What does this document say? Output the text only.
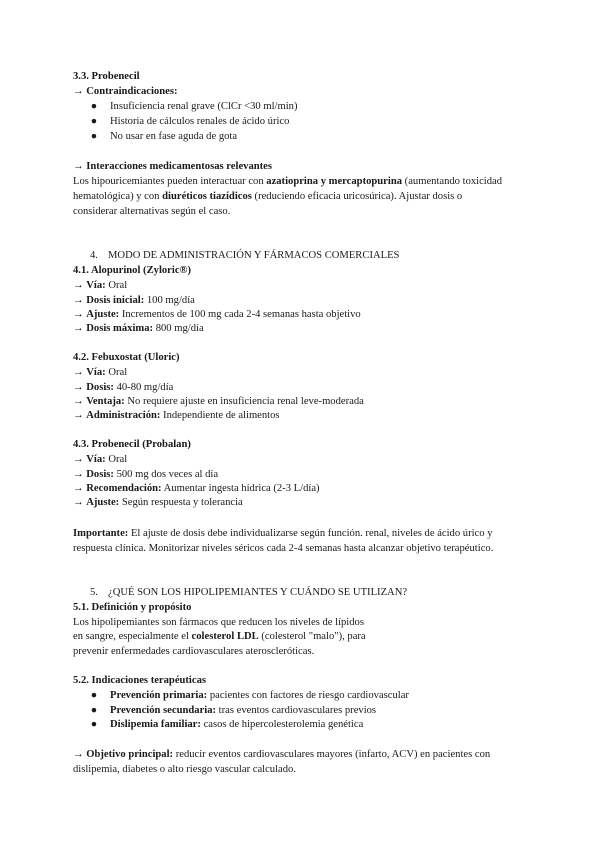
3.3. Probenecil
→ Contraindicaciones:
● Insuficiencia renal grave (ClCr <30 ml/min)
● Historia de cálculos renales de ácido úrico
● No usar en fase aguda de gota
→ Interacciones medicamentosas relevantes
Los hipouricemiantes pueden interactuar con azatioprina y mercaptopurina (aumentando toxicidad
hematológica) y con diuréticos tiazídicos (reduciendo eficacia uricosúrica). Ajustar dosis o
considerar alternativas según el caso.
4. MODO DE ADMINISTRACIÓN Y FÁRMACOS COMERCIALES
4.1. Alopurinol (Zyloric®)
→ Vía: Oral
→ Dosis inicial: 100 mg/día
→ Ajuste: Incrementos de 100 mg cada 2-4 semanas hasta objetivo
→ Dosis máxima: 800 mg/día
4.2. Febuxostat (Uloric)
→ Vía: Oral
→ Dosis: 40-80 mg/día
→ Ventaja: No requiere ajuste en insuficiencia renal leve-moderada
→ Administración: Independiente de alimentos
4.3. Probenecil (Probalan)
→ Vía: Oral
→ Dosis: 500 mg dos veces al día
→ Recomendación: Aumentar ingesta hídrica (2-3 L/día)
→ Ajuste: Según respuesta y tolerancia
Importante: El ajuste de dosis debe individualizarse según función. renal, niveles de ácido úrico y
respuesta clínica. Monitorizar niveles séricos cada 2-4 semanas hasta alcanzar objetivo terapéutico.
5. ¿QUÉ SON LOS HIPOLIPEMIANTES Y CUÁNDO SE UTILIZAN?
5.1. Definición y propósito
Los hipolipemiantes son fármacos que reducen los niveles de lípidos
en sangre, especialmente el colesterol LDL (colesterol "malo"), para
prevenir enfermedades cardiovasculares ateroscleróticas.
5.2. Indicaciones terapéuticas
● Prevención primaria: pacientes con factores de riesgo cardiovascular
● Prevención secundaria: tras eventos cardiovasculares previos
● Dislipemia familiar: casos de hipercolesterolemia genética
→ Objetivo principal: reducir eventos cardiovasculares mayores (infarto, ACV) en pacientes con
dislipemia, diabetes o alto riesgo vascular calculado.
